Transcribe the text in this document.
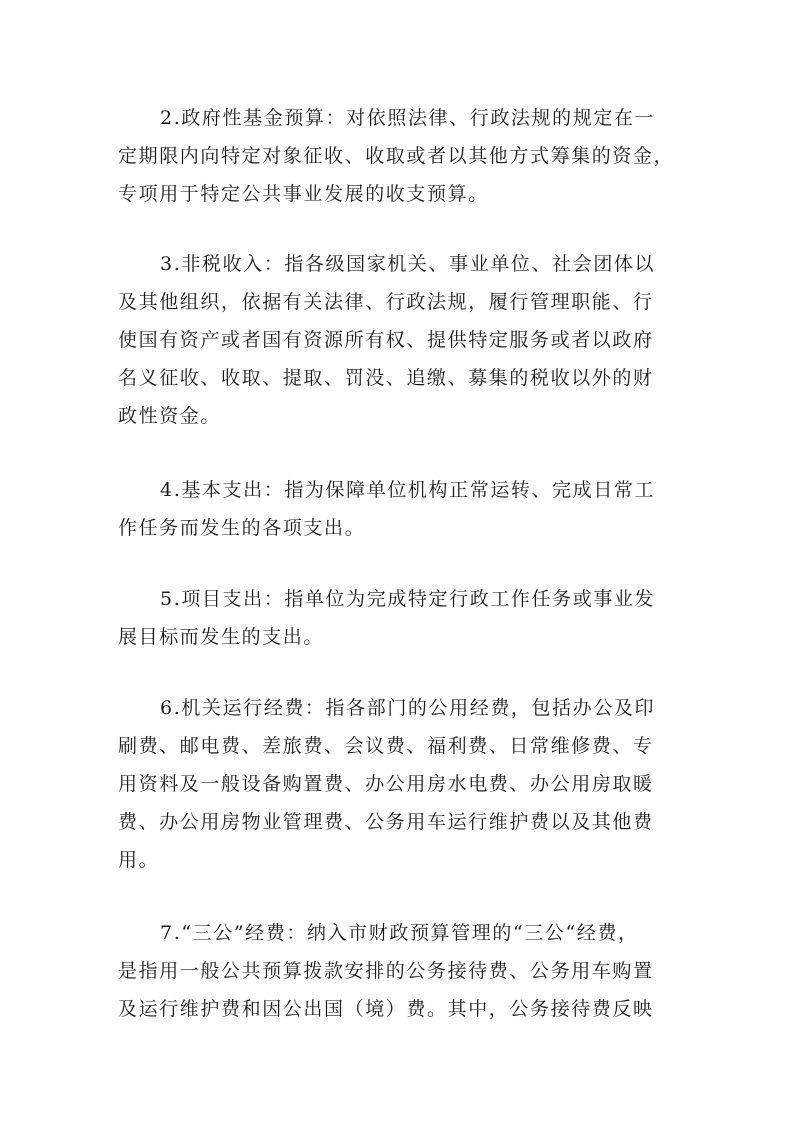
2.政府性基金预算：对依照法律、行政法规的规定在一
定期限内向特定对象征收、收取或者以其他方式筹集的资金，
专项用于特定公共事业发展的收支预算。

3.非税收入：指各级国家机关、事业单位、社会团体以
及其他组织，依据有关法律、行政法规，履行管理职能、行
使国有资产或者国有资源所有权、提供特定服务或者以政府
名义征收、收取、提取、罚没、追缴、募集的税收以外的财
政性资金。

4.基本支出：指为保障单位机构正常运转、完成日常工
作任务而发生的各项支出。

5.项目支出：指单位为完成特定行政工作任务或事业发
展目标而发生的支出。

6.机关运行经费：指各部门的公用经费，包括办公及印
刷费、邮电费、差旅费、会议费、福利费、日常维修费、专
用资料及一般设备购置费、办公用房水电费、办公用房取暖
费、办公用房物业管理费、公务用车运行维护费以及其他费
用。

7.“三公”经费：纳入市财政预算管理的“三公“经费，
是指用一般公共预算拨款安排的公务接待费、公务用车购置
及运行维护费和因公出国（境）费。其中，公务接待费反映
